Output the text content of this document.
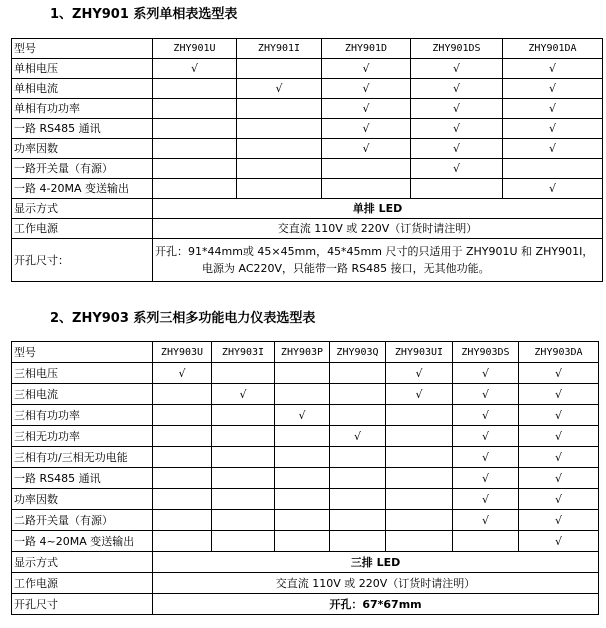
1、ZHY901 系列单相表选型表
型号	ZHY901U	ZHY901I	ZHY901D	ZHY901DS	ZHY901DA
单相电压	√		√	√	√
单相电流		√	√	√	√
单相有功功率			√	√	√
一路 RS485 通讯			√	√	√
功率因数			√	√	√
一路开关量（有源）				√	
一路 4-20MA 变送输出					√
显示方式	单排 LED				
工作电源	交直流 110V 或 220V（订货时请注明）				
开孔尺寸：	开孔：91*44mm或 45×45mm，45*45mm 尺寸的只适用于 ZHY901U 和 ZHY901I，
电源为 AC220V，只能带一路 RS485 接口，无其他功能。				
2、ZHY903 系列三相多功能电力仪表选型表
型号	ZHY903U	ZHY903I	ZHY903P	ZHY903Q	ZHY903UI	ZHY903DS	ZHY903DA
三相电压	√				√	√	√
三相电流		√			√	√	√
三相有功功率			√			√	√
三相无功功率				√		√	√
三相有功/三相无功电能						√	√
一路 RS485 通讯						√	√
功率因数						√	√
二路开关量（有源）						√	√
一路 4~20MA 变送输出							√
显示方式	三排 LED						
工作电源	交直流 110V 或 220V（订货时请注明）						
开孔尺寸	开孔：67*67mm						
